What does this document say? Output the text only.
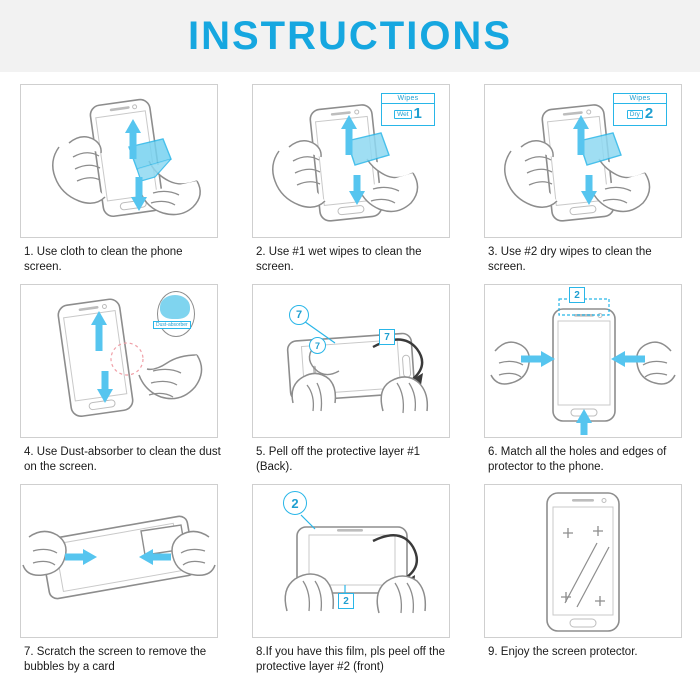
INSTRUCTIONS
1. Use cloth to clean the phone screen.
Wipes
Wet 1
2. Use #1 wet wipes to clean the screen.
Wipes
Dry 2
3. Use #2 dry wipes to clean the screen.
Dust-absorber
4. Use Dust-absorber to clean the dust on the screen.
7
7
7
5. Pell off the protective layer #1 (Back).
2
6. Match all the holes and edges of protector to the phone.
7. Scratch the screen to remove the bubbles by a card
2
2
8.If you have this film, pls peel off the protective layer #2 (front)
9. Enjoy the screen protector.
